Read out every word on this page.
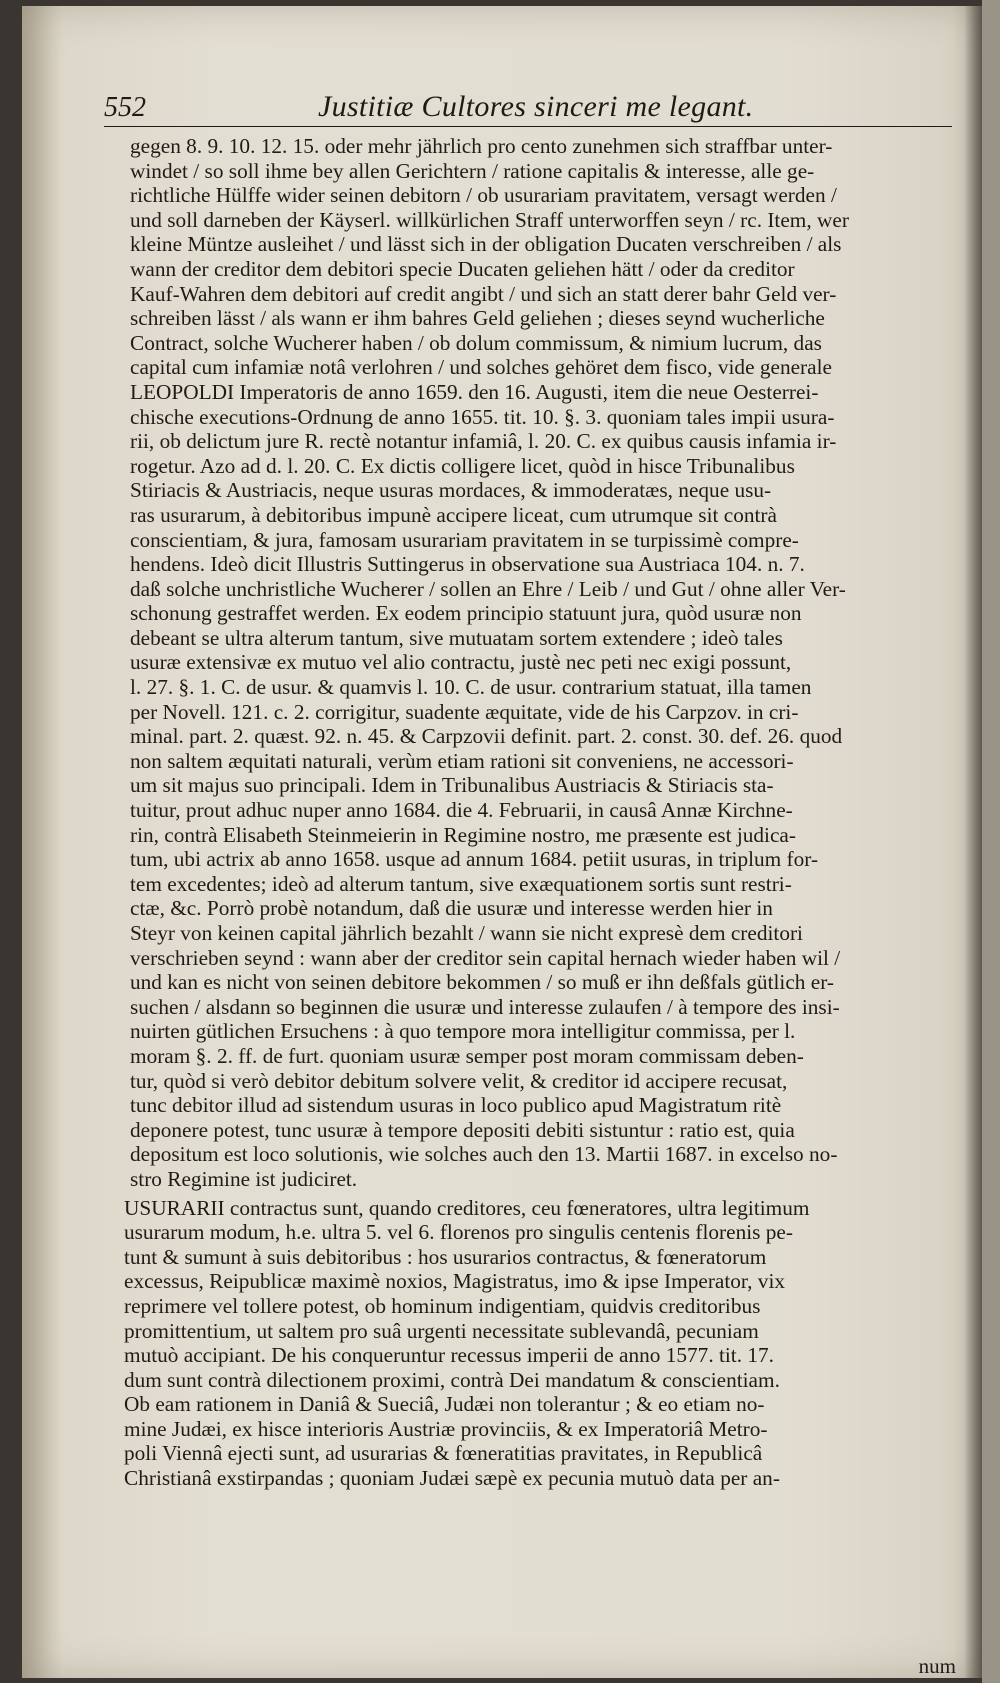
552	Justitiæ Cultores sinceri me legant.
gegen 8. 9. 10. 12. 15. oder mehr jährlich pro cento zunehmen sich straffbar unter-
windet / so soll ihme bey allen Gerichtern / ratione capitalis & interesse, alle ge-
richtliche Hülffe wider seinen debitorn / ob usurariam pravitatem, versagt werden /
und soll darneben der Käyserl. willkürlichen Straff unterworffen seyn / rc. Item, wer
kleine Müntze ausleihet / und lässt sich in der obligation Ducaten verschreiben / als
wann der creditor dem debitori specie Ducaten geliehen hätt / oder da creditor
Kauf-Wahren dem debitori auf credit angibt / und sich an statt derer bahr Geld ver-
schreiben lässt / als wann er ihm bahres Geld geliehen ; dieses seynd wucherliche
Contract, solche Wucherer haben / ob dolum commissum, & nimium lucrum, das
capital cum infamiæ notâ verlohren / und solches gehöret dem fisco, vide generale
LEOPOLDI Imperatoris de anno 1659. den 16. Augusti, item die neue Oesterrei-
chische executions-Ordnung de anno 1655. tit. 10. §. 3. quoniam tales impii usura-
rii, ob delictum jure R. rectè notantur infamiâ, l. 20. C. ex quibus causis infamia ir-
rogetur. Azo ad d. l. 20. C. Ex dictis colligere licet, quòd in hisce Tribunalibus
Stiriacis & Austriacis, neque usuras mordaces, & immoderatæs, neque usu-
ras usurarum, à debitoribus impunè accipere liceat, cum utrumque sit contrà
conscientiam, & jura, famosam usurariam pravitatem in se turpissimè compre-
hendens. Ideò dicit Illustris Suttingerus in observatione sua Austriaca 104. n. 7.
daß solche unchristliche Wucherer / sollen an Ehre / Leib / und Gut / ohne aller Ver-
schonung gestraffet werden. Ex eodem principio statuunt jura, quòd usuræ non
debeant se ultra alterum tantum, sive mutuatam sortem extendere ; ideò tales
usuræ extensivæ ex mutuo vel alio contractu, justè nec peti nec exigi possunt,
l. 27. §. 1. C. de usur. & quamvis l. 10. C. de usur. contrarium statuat, illa tamen
per Novell. 121. c. 2. corrigitur, suadente æquitate, vide de his Carpzov. in cri-
minal. part. 2. quæst. 92. n. 45. & Carpzovii definit. part. 2. const. 30. def. 26. quod
non saltem æquitati naturali, verùm etiam rationi sit conveniens, ne accessori-
um sit majus suo principali. Idem in Tribunalibus Austriacis & Stiriacis sta-
tuitur, prout adhuc nuper anno 1684. die 4. Februarii, in causâ Annæ Kirchne-
rin, contrà Elisabeth Steinmeierin in Regimine nostro, me præsente est judica-
tum, ubi actrix ab anno 1658. usque ad annum 1684. petiit usuras, in triplum for-
tem excedentes; ideò ad alterum tantum, sive exæquationem sortis sunt restri-
ctæ, &c. Porrò probè notandum, daß die usuræ und interesse werden hier in
Steyr von keinen capital jährlich bezahlt / wann sie nicht expresè dem creditori
verschrieben seynd : wann aber der creditor sein capital hernach wieder haben wil /
und kan es nicht von seinen debitore bekommen / so muß er ihn deßfals gütlich er-
suchen / alsdann so beginnen die usuræ und interesse zulaufen / à tempore des insi-
nuirten gütlichen Ersuchens : à quo tempore mora intelligitur commissa, per l.
moram §. 2. ff. de furt. quoniam usuræ semper post moram commissam deben-
tur, quòd si verò debitor debitum solvere velit, & creditor id accipere recusat,
tunc debitor illud ad sistendum usuras in loco publico apud Magistratum ritè
deponere potest, tunc usuræ à tempore depositi debiti sistuntur : ratio est, quia
depositum est loco solutionis, wie solches auch den 13. Martii 1687. in excelso no-
stro Regimine ist judiciret.
USURARII contractus sunt, quando creditores, ceu fœneratores, ultra legitimum
usurarum modum, h.e. ultra 5. vel 6. florenos pro singulis centenis florenis pe-
tunt & sumunt à suis debitoribus : hos usurarios contractus, & fœneratorum
excessus, Reipublicæ maximè noxios, Magistratus, imo & ipse Imperator, vix
reprimere vel tollere potest, ob hominum indigentiam, quidvis creditoribus
promittentium, ut saltem pro suâ urgenti necessitate sublevandâ, pecuniam
mutuò accipiant. De his conqueruntur recessus imperii de anno 1577. tit. 17.
dum sunt contrà dilectionem proximi, contrà Dei mandatum & conscientiam.
Ob eam rationem in Daniâ & Sueciâ, Judæi non tolerantur ; & eo etiam no-
mine Judæi, ex hisce interioris Austriæ provinciis, & ex Imperatoriâ Metro-
poli Viennâ ejecti sunt, ad usurarias & fœneratitias pravitates, in Republicâ
Christianâ exstirpandas ; quoniam Judæi sæpè ex pecunia mutuò data per an-
num
